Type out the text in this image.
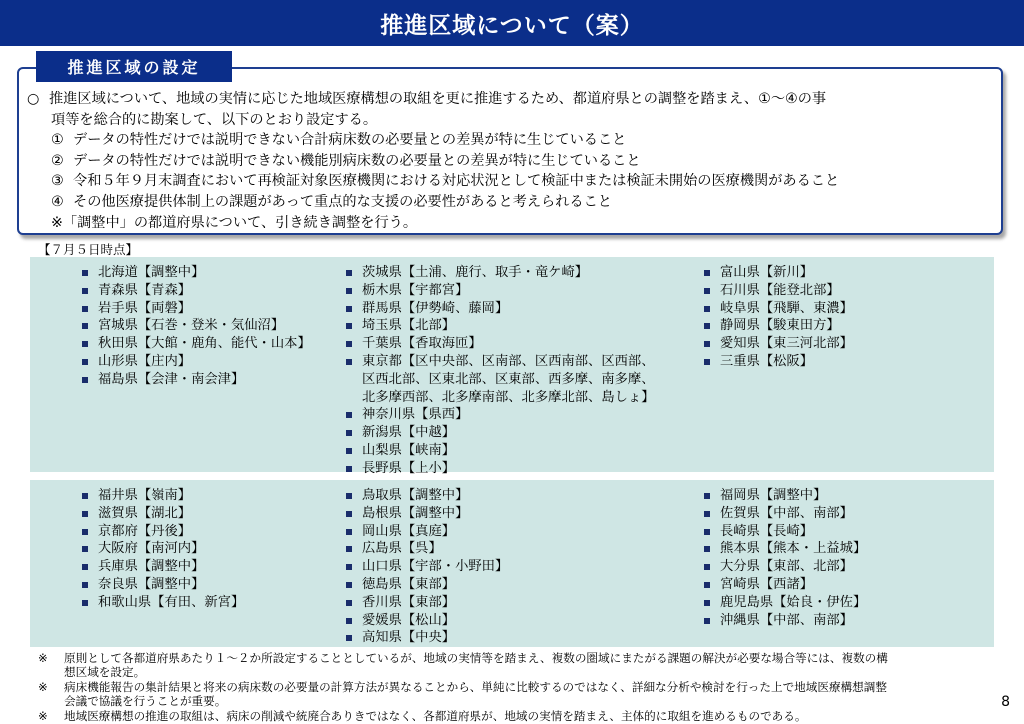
推進区域について（案）
○ 推進区域について、地域の実情に応じた地域医療構想の取組を更に推進するため、都道府県との調整を踏まえ、①～④の事
項等を総合的に勘案して、以下のとおり設定する。
① データの特性だけでは説明できない合計病床数の必要量との差異が特に生じていること
② データの特性だけでは説明できない機能別病床数の必要量との差異が特に生じていること
③ 令和５年９月末調査において再検証対象医療機関における対応状況として検証中または検証未開始の医療機関があること
④ その他医療提供体制上の課題があって重点的な支援の必要性があると考えられること
※「調整中」の都道府県について、引き続き調整を行う。
推進区域の設定
【７月５日時点】
北海道【調整中】
青森県【青森】
岩手県【両磐】
宮城県【石巻・登米・気仙沼】
秋田県【大館・鹿角、能代・山本】
山形県【庄内】
福島県【会津・南会津】
茨城県【土浦、鹿行、取手・竜ケ崎】
栃木県【宇都宮】
群馬県【伊勢崎、藤岡】
埼玉県【北部】
千葉県【香取海匝】
東京都【区中央部、区南部、区西南部、区西部、
区西北部、区東北部、区東部、西多摩、南多摩、
北多摩西部、北多摩南部、北多摩北部、島しょ】
神奈川県【県西】
新潟県【中越】
山梨県【峡南】
長野県【上小】
富山県【新川】
石川県【能登北部】
岐阜県【飛騨、東濃】
静岡県【駿東田方】
愛知県【東三河北部】
三重県【松阪】
福井県【嶺南】
滋賀県【湖北】
京都府【丹後】
大阪府【南河内】
兵庫県【調整中】
奈良県【調整中】
和歌山県【有田、新宮】
鳥取県【調整中】
島根県【調整中】
岡山県【真庭】
広島県【呉】
山口県【宇部・小野田】
徳島県【東部】
香川県【東部】
愛媛県【松山】
高知県【中央】
福岡県【調整中】
佐賀県【中部、南部】
長崎県【長崎】
熊本県【熊本・上益城】
大分県【東部、北部】
宮崎県【西諸】
鹿児島県【姶良・伊佐】
沖縄県【中部、南部】
※ 原則として各都道府県あたり１～２か所設定することとしているが、地域の実情等を踏まえ、複数の圏域にまたがる課題の解決が必要な場合等には、複数の構
想区域を設定。
※ 病床機能報告の集計結果と将来の病床数の必要量の計算方法が異なることから、単純に比較するのではなく、詳細な分析や検討を行った上で地域医療構想調整
会議で協議を行うことが重要。
※ 地域医療構想の推進の取組は、病床の削減や統廃合ありきではなく、各都道府県が、地域の実情を踏まえ、主体的に取組を進めるものである。
8
